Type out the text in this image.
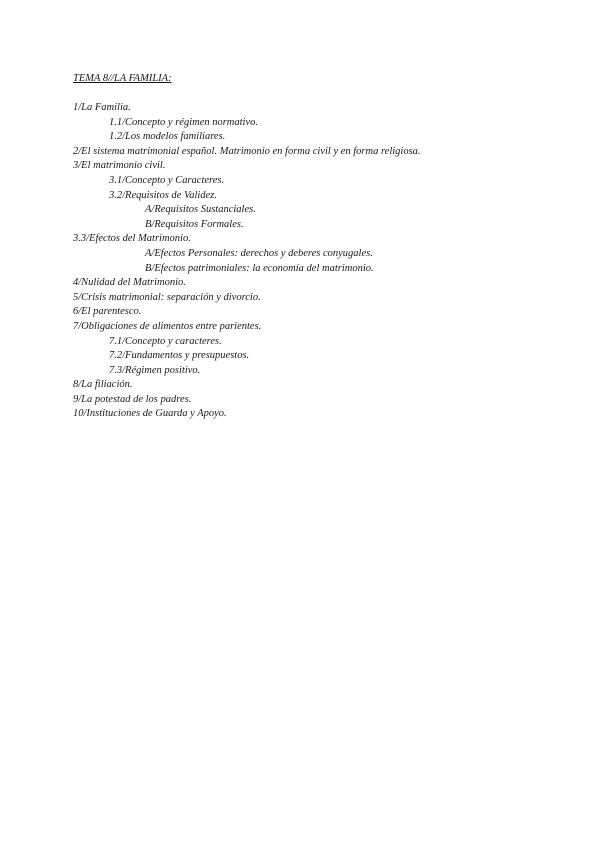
TEMA 8//LA FAMILIA:
1/La Familia.
1.1/Concepto y régimen normativo.
1.2/Los modelos familiares.
2/El sistema matrimonial español. Matrimonio en forma civil y en forma religiosa.
3/El matrimonio civil.
3.1/Concepto y Caracteres.
3.2/Requisitos de Validez.
A/Requisitos Sustanciales.
B/Requisitos Formales.
3.3/Efectos del Matrimonio.
A/Efectos Personales: derechos y deberes conyugales.
B/Efectos patrimoniales: la economía del matrimonio.
4/Nulidad del Matrimonio.
5/Crisis matrimonial: separación y divorcio.
6/El parentesco.
7/Obligaciones de alimentos entre parientes.
7.1/Concepto y caracteres.
7.2/Fundamentos y presupuestos.
7.3/Régimen positivo.
8/La filiación.
9/La potestad de los padres.
10/Instituciones de Guarda y Apoyo.
